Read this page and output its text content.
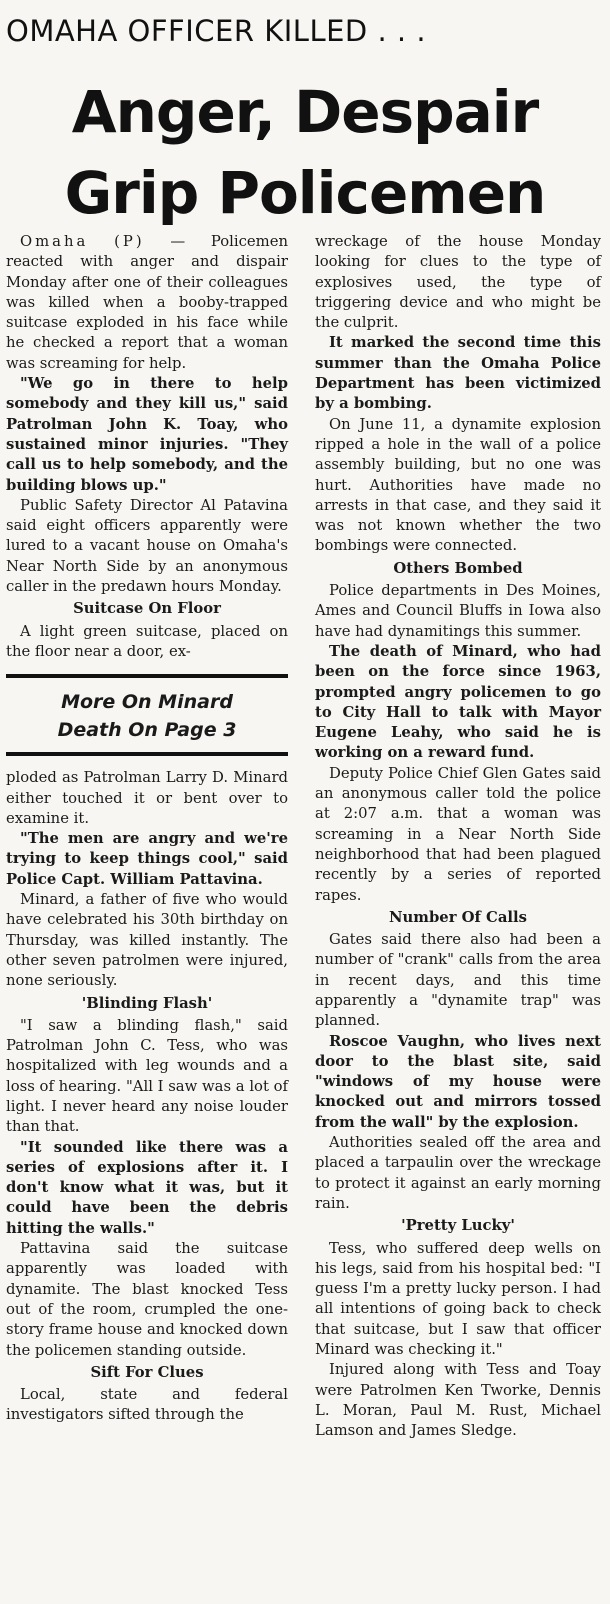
OMAHA OFFICER KILLED . . .
Anger, Despair
Grip Policemen

Omaha (P) — Policemen reacted with anger and dispair Monday after one of their colleagues was killed when a booby-trapped suitcase exploded in his face while he checked a report that a woman was screaming for help.

"We go in there to help somebody and they kill us," said Patrolman John K. Toay, who sustained minor injuries. "They call us to help somebody, and the building blows up."

Public Safety Director Al Patavina said eight officers apparently were lured to a vacant house on Omaha's Near North Side by an anonymous caller in the predawn hours Monday.

Suitcase On Floor

A light green suitcase, placed on the floor near a door, ex-

More On Minard
Death On Page 3

ploded as Patrolman Larry D. Minard either touched it or bent over to examine it.

"The men are angry and we're trying to keep things cool," said Police Capt. William Pattavina.

Minard, a father of five who would have celebrated his 30th birthday on Thursday, was killed instantly. The other seven patrolmen were injured, none seriously.

'Blinding Flash'

"I saw a blinding flash," said Patrolman John C. Tess, who was hospitalized with leg wounds and a loss of hearing. "All I saw was a lot of light. I never heard any noise louder than that.

"It sounded like there was a series of explosions after it. I don't know what it was, but it could have been the debris hitting the walls."

Pattavina said the suitcase apparently was loaded with dynamite. The blast knocked Tess out of the room, crumpled the one-story frame house and knocked down the policemen standing outside.

Sift For Clues

Local, state and federal investigators sifted through the

wreckage of the house Monday looking for clues to the type of explosives used, the type of triggering device and who might be the culprit.

It marked the second time this summer than the Omaha Police Department has been victimized by a bombing.

On June 11, a dynamite explosion ripped a hole in the wall of a police assembly building, but no one was hurt. Authorities have made no arrests in that case, and they said it was not known whether the two bombings were connected.

Others Bombed

Police departments in Des Moines, Ames and Council Bluffs in Iowa also have had dynamitings this summer.

The death of Minard, who had been on the force since 1963, prompted angry policemen to go to City Hall to talk with Mayor Eugene Leahy, who said he is working on a reward fund.

Deputy Police Chief Glen Gates said an anonymous caller told the police at 2:07 a.m. that a woman was screaming in a Near North Side neighborhood that had been plagued recently by a series of reported rapes.

Number Of Calls

Gates said there also had been a number of "crank" calls from the area in recent days, and this time apparently a "dynamite trap" was planned.

Roscoe Vaughn, who lives next door to the blast site, said "windows of my house were knocked out and mirrors tossed from the wall" by the explosion.

Authorities sealed off the area and placed a tarpaulin over the wreckage to protect it against an early morning rain.

'Pretty Lucky'

Tess, who suffered deep wells on his legs, said from his hospital bed: "I guess I'm a pretty lucky person. I had all intentions of going back to check that suitcase, but I saw that officer Minard was checking it."

Injured along with Tess and Toay were Patrolmen Ken Tworke, Dennis L. Moran, Paul M. Rust, Michael Lamson and James Sledge.
